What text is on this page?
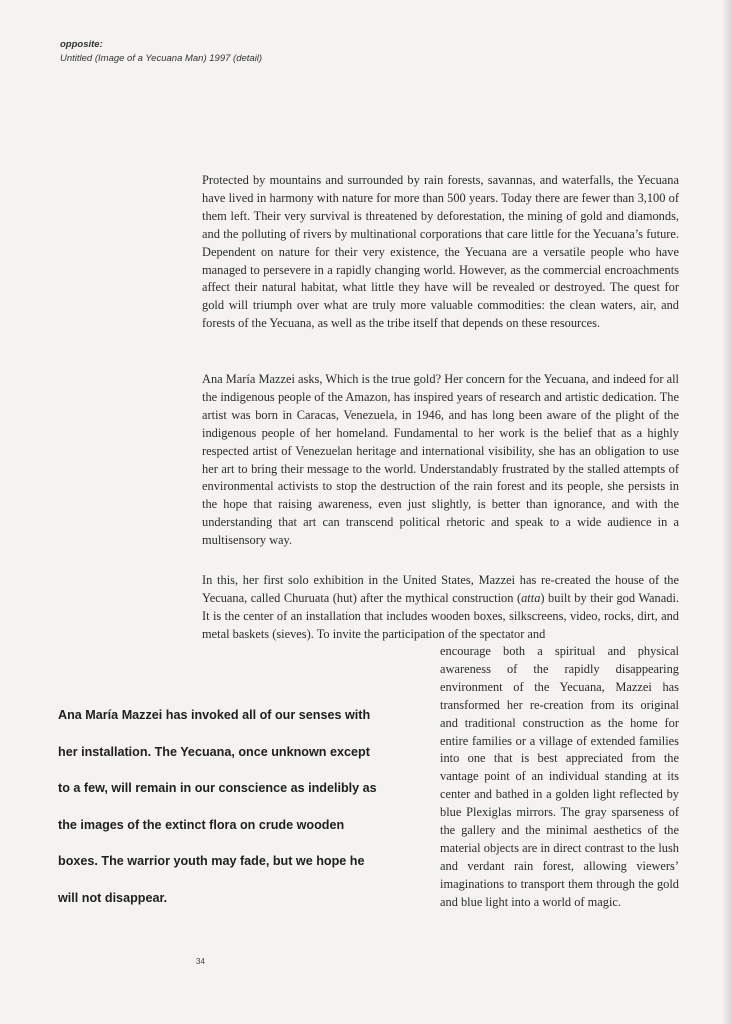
opposite:
Untitled (Image of a Yecuana Man) 1997 (detail)

Protected by mountains and surrounded by rain forests, savannas, and waterfalls, the Yecuana have lived in harmony with nature for more than 500 years. Today there are fewer than 3,100 of them left. Their very survival is threatened by deforestation, the mining of gold and diamonds, and the polluting of rivers by multinational corporations that care little for the Yecuana’s future. Dependent on nature for their very existence, the Yecuana are a versatile people who have managed to persevere in a rapidly changing world. However, as the commercial encroachments affect their natural habitat, what little they have will be revealed or destroyed. The quest for gold will triumph over what are truly more valuable commodities: the clean waters, air, and forests of the Yecuana, as well as the tribe itself that depends on these resources.

Ana María Mazzei asks, Which is the true gold? Her concern for the Yecuana, and indeed for all the indigenous people of the Amazon, has inspired years of research and artistic dedication. The artist was born in Caracas, Venezuela, in 1946, and has long been aware of the plight of the indigenous people of her homeland. Fundamental to her work is the belief that as a highly respected artist of Venezuelan heritage and international visibility, she has an obligation to use her art to bring their message to the world. Understandably frustrated by the stalled attempts of environmental activists to stop the destruction of the rain forest and its people, she persists in the hope that raising awareness, even just slightly, is better than ignorance, and with the understanding that art can transcend political rhetoric and speak to a wide audience in a multisensory way.

In this, her first solo exhibition in the United States, Mazzei has re-created the house of the Yecuana, called Churuata (hut) after the mythical construction (atta) built by their god Wanadi. It is the center of an installation that includes wooden boxes, silkscreens, video, rocks, dirt, and metal baskets (sieves). To invite the participation of the spectator and

encourage both a spiritual and physical awareness of the rapidly disappearing environment of the Yecuana, Mazzei has transformed her re-creation from its original and traditional construction as the home for entire families or a village of extended families into one that is best appreciated from the vantage point of an individual standing at its center and bathed in a golden light reflected by blue Plexiglas mirrors. The gray sparseness of the gallery and the minimal aesthetics of the material objects are in direct contrast to the lush and verdant rain forest, allowing viewers’ imaginations to transport them through the gold and blue light into a world of magic.

Ana María Mazzei has invoked all of our senses with her installation. The Yecuana, once unknown except to a few, will remain in our conscience as indelibly as the images of the extinct flora on crude wooden boxes. The warrior youth may fade, but we hope he will not disappear.

34
